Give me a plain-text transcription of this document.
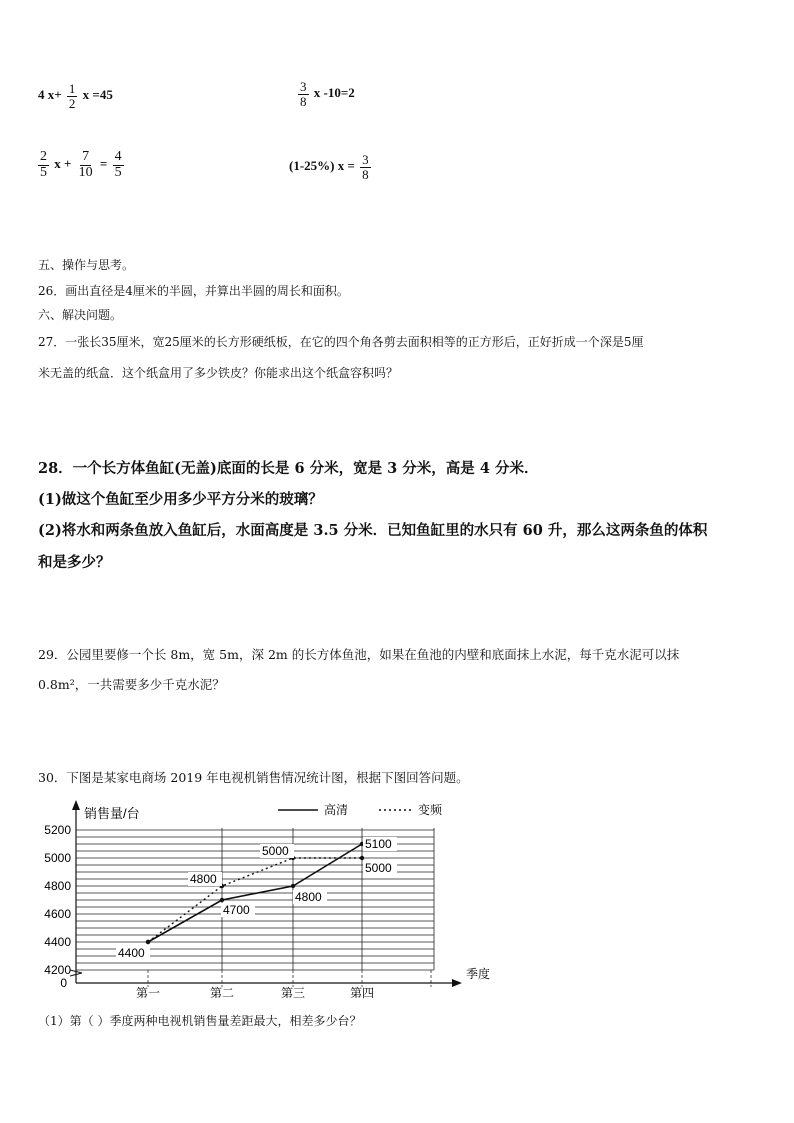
4 $x+ \frac{1}{2}$ x =45	$\frac{3}{8}$ x -10=2
$\frac{2}{5}$ $x + \frac{7}{10} = \frac{4}{5}$	(1-25%) $x = \frac{3}{8}$
五、操作与思考。
26．画出直径是4厘米的半圆，并算出半圆的周长和面积。
六、解决问题。
27．一张长35厘米，宽25厘米的长方形硬纸板，在它的四个角各剪去面积相等的正方形后，正好折成一个深是5厘
米无盖的纸盒．这个纸盒用了多少铁皮？你能求出这个纸盒容积吗？
28．一个长方体鱼缸(无盖)底面的长是 6 分米，宽是 3 分米，高是 4 分米．
(1)做这个鱼缸至少用多少平方分米的玻璃？
(2)将水和两条鱼放入鱼缸后，水面高度是 3.5 分米．已知鱼缸里的水只有 60 升，那么这两条鱼的体积
和是多少？
29．公园里要修一个长 8m，宽 5m，深 2m 的长方体鱼池，如果在鱼池的内壁和底面抹上水泥，每千克水泥可以抹
0.8m²，一共需要多少千克水泥？
30．下图是某家电商场 2019 年电视机销售情况统计图，根据下图回答问题。
5200
5000
4800
4600
4400
4200
0
销售量/台
季度
第一	第二	第三	第四
4400
4700
4800
5100
4800
5000
5000
高清	变频
（1）第（ ）季度两种电视机销售量差距最大，相差多少台？
